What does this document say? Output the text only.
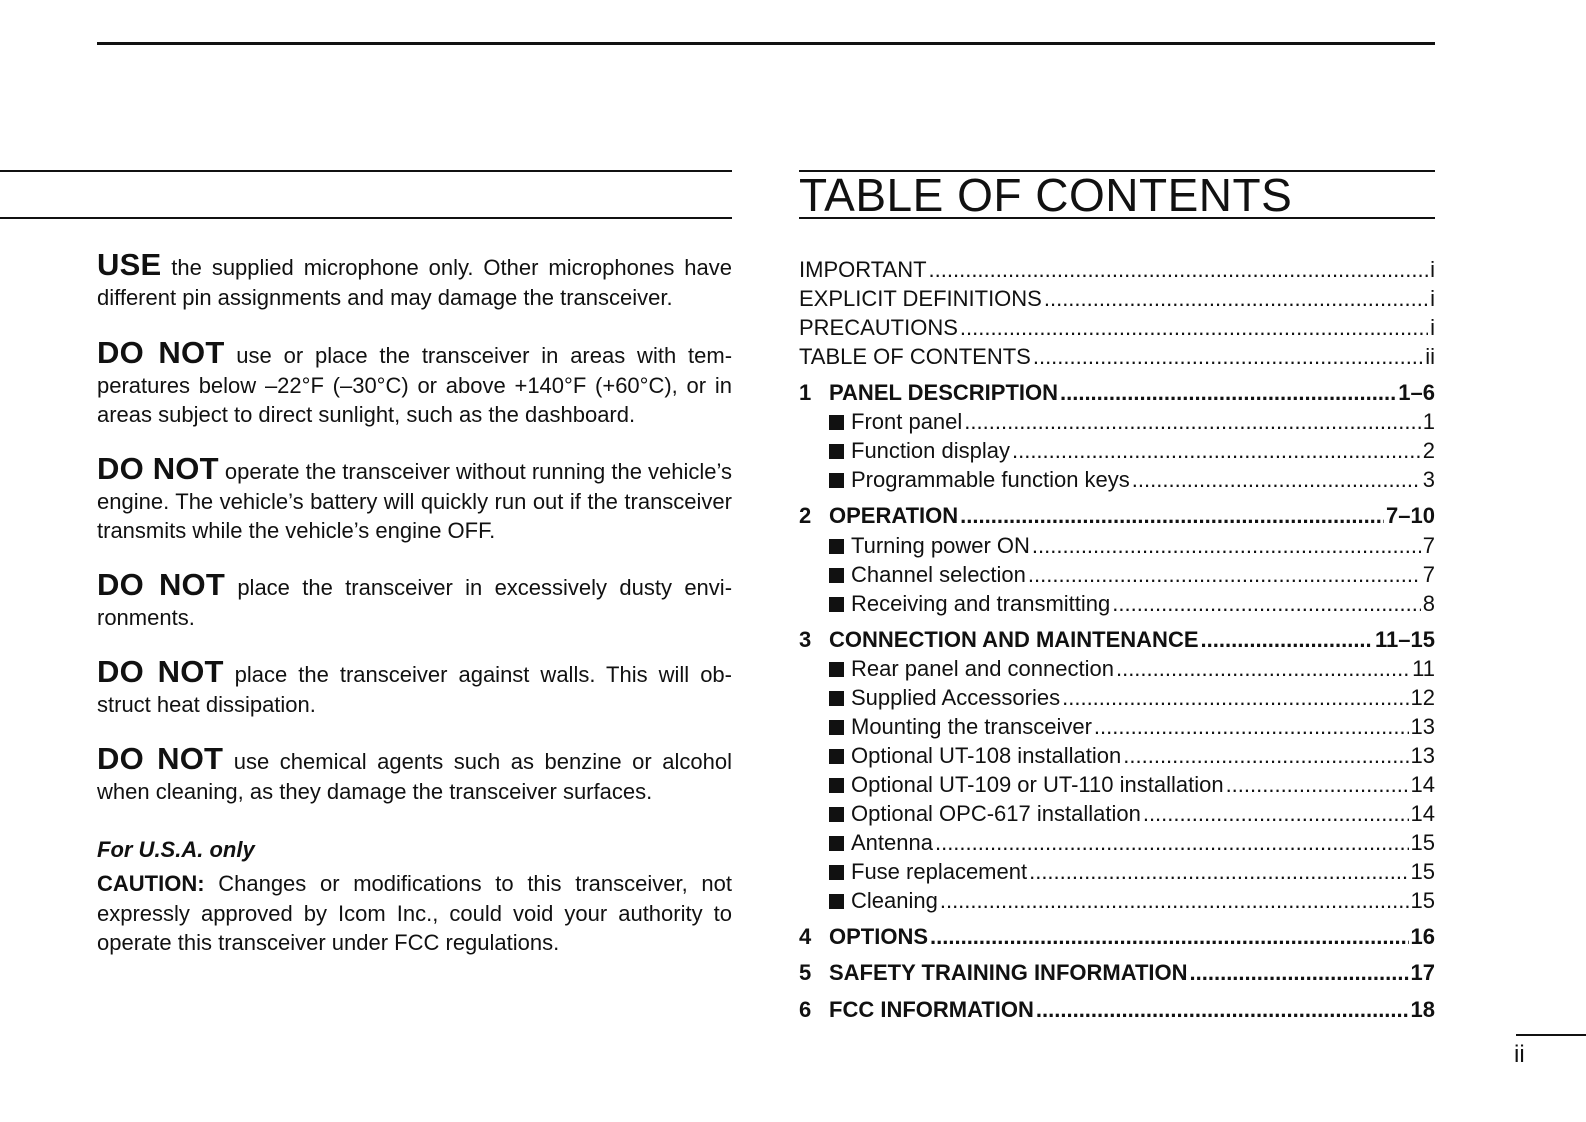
USE the supplied microphone only. Other microphones have different pin assignments and may damage the transceiver.

DO NOT use or place the transceiver in areas with temperatures below –22°F (–30°C) or above +140°F (+60°C), or in areas subject to direct sunlight, such as the dashboard.

DO NOT operate the transceiver without running the vehicle’s engine. The vehicle’s battery will quickly run out if the transceiver transmits while the vehicle’s engine OFF.

DO NOT place the transceiver in excessively dusty environments.

DO NOT place the transceiver against walls. This will obstruct heat dissipation.

DO NOT use chemical agents such as benzine or alcohol when cleaning, as they damage the transceiver surfaces.

For U.S.A. only

CAUTION: Changes or modifications to this transceiver, not expressly approved by Icom Inc., could void your authority to operate this transceiver under FCC regulations.

TABLE OF CONTENTS
IMPORTANT .....	i
EXPLICIT DEFINITIONS .....	i
PRECAUTIONS .....	i
TABLE OF CONTENTS .....	ii
1 PANEL DESCRIPTION .....	1–6
Front panel .....	1
Function display .....	2
Programmable function keys .....	3
2 OPERATION .....	7–10
Turning power ON .....	7
Channel selection .....	7
Receiving and transmitting .....	8
3 CONNECTION AND MAINTENANCE .....	11–15
Rear panel and connection .....	11
Supplied Accessories .....	12
Mounting the transceiver .....	13
Optional UT-108 installation .....	13
Optional UT-109 or UT-110 installation .....	14
Optional OPC-617 installation .....	14
Antenna .....	15
Fuse replacement .....	15
Cleaning .....	15
4 OPTIONS .....	16
5 SAFETY TRAINING INFORMATION .....	17
6 FCC INFORMATION .....	18
ii
